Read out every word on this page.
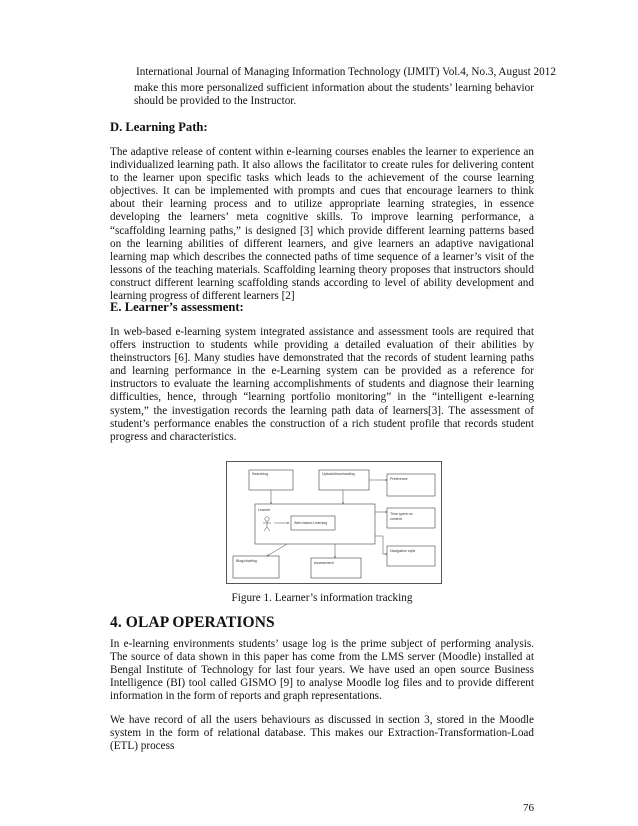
International Journal of Managing Information Technology (IJMIT) Vol.4, No.3, August 2012

make this more personalized sufficient information about the students’ learning behavior should be provided to the Instructor.

D. Learning Path:

The adaptive release of content within e-learning courses enables the learner to experience an individualized learning path. It also allows the facilitator to create rules for delivering content to the learner upon specific tasks which leads to the achievement of the course learning objectives. It can be implemented with prompts and cues that encourage learners to think about their learning process and to utilize appropriate learning strategies, in essence developing the learners’ meta cognitive skills. To improve learning performance, a “scaffolding learning paths,” is designed [3] which provide different learning patterns based on the learning abilities of different learners, and give learners an adaptive navigational learning map which describes the connected paths of time sequence of a learner’s visit of the lessons of the teaching materials. Scaffolding learning theory proposes that instructors should construct different learning scaffolding stands according to level of ability development and learning progress of different learners [2]

E. Learner’s assessment:

In web-based e-learning system integrated assistance and assessment tools are required that offers instruction to students while providing a detailed evaluation of their abilities by theinstructors [6]. Many studies have demonstrated that the records of student learning paths and learning performance in the e-Learning system can be provided as a reference for instructors to evaluate the learning accomplishments of students and diagnose their learning difficulties, hence, through “learning portfolio monitoring” in the “intelligent e-learning system,” the investigation records the learning path data of learners[3]. The assessment of student’s performance enables the construction of a rich student profile that records student progress and characteristics.

Searching	Upload/downloading
Preference
Learner
Web-based Learning
Time spent on
content
Navigation style
Blog/chatting	Assessment
Figure 1. Learner’s information tracking
4. OLAP OPERATIONS

In e-learning environments students’ usage log is the prime subject of performing analysis. The source of data shown in this paper has come from the LMS server (Moodle) installed at Bengal Institute of Technology for last four years. We have used an open source Business Intelligence (BI) tool called GISMO [9] to analyse Moodle log files and to provide different information in the form of reports and graph representations.

We have record of all the users behaviours as discussed in section 3, stored in the Moodle system in the form of relational database. This makes our Extraction-Transformation-Load (ETL) process

76
